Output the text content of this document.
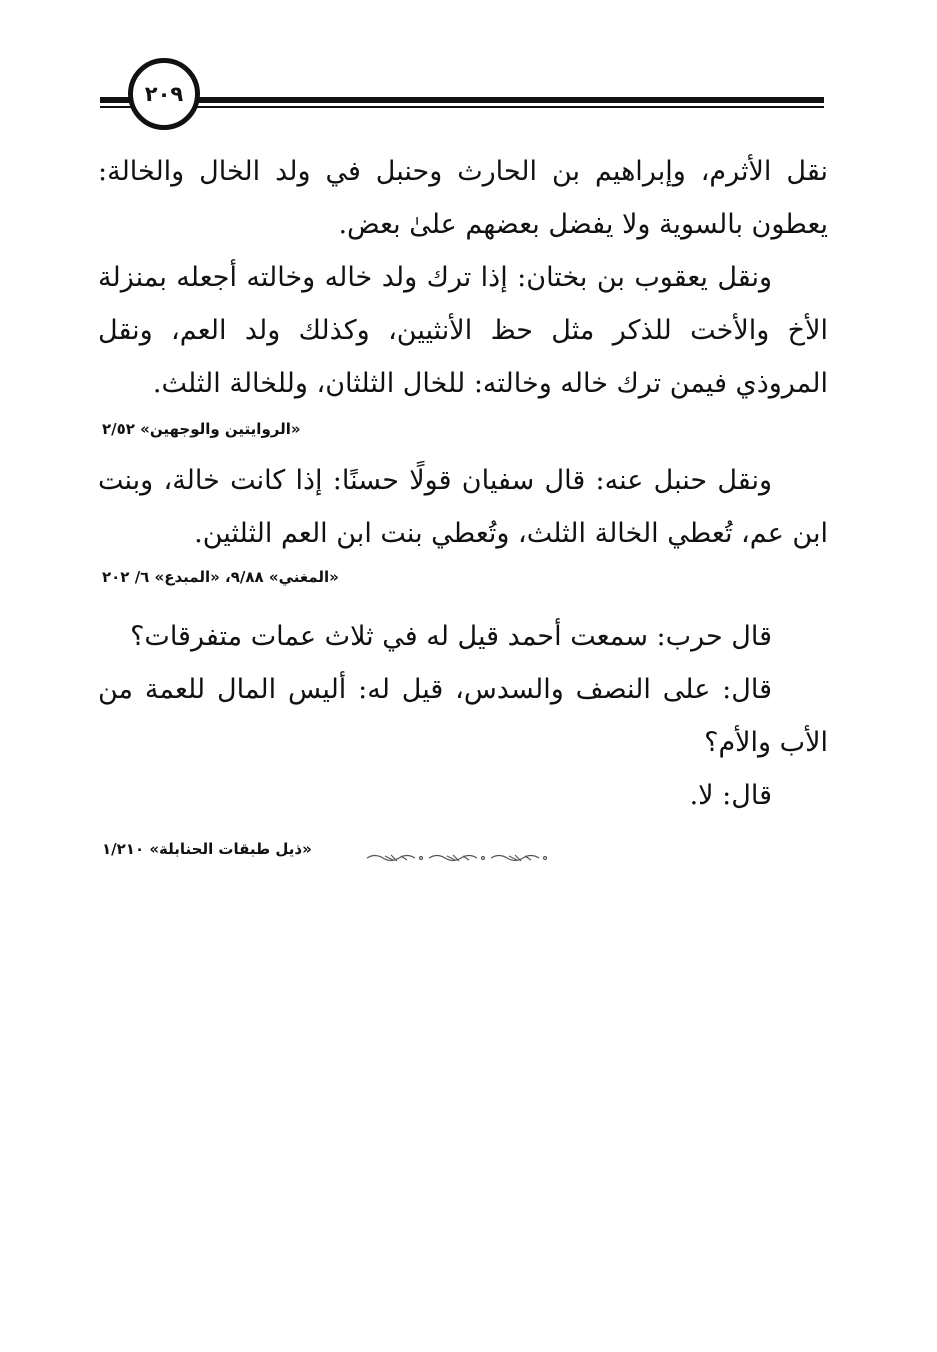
٢٠٩

نقل الأثرم، وإبراهيم بن الحارث وحنبل في ولد الخال والخالة: يعطون بالسوية ولا يفضل بعضهم علىٰ بعض.

ونقل يعقوب بن بختان: إذا ترك ولد خاله وخالته أجعله بمنزلة الأخ والأخت للذكر مثل حظ الأنثيين، وكذلك ولد العم، ونقل المروذي فيمن ترك خاله وخالته: للخال الثلثان، وللخالة الثلث.

«الروايتين والوجهين» ٢/٥٢

ونقل حنبل عنه: قال سفيان قولًا حسنًا: إذا كانت خالة، وبنت ابن عم، تُعطي الخالة الثلث، وتُعطي بنت ابن العم الثلثين.

«المغني» ٩/٨٨، «المبدع» ٦/ ٢٠٢

قال حرب: سمعت أحمد قيل له في ثلاث عمات متفرقات؟

قال: على النصف والسدس، قيل له: أليس المال للعمة من الأب والأم؟

قال: لا.

«ذيل طبقات الحنابلة» ١/٢١٠
